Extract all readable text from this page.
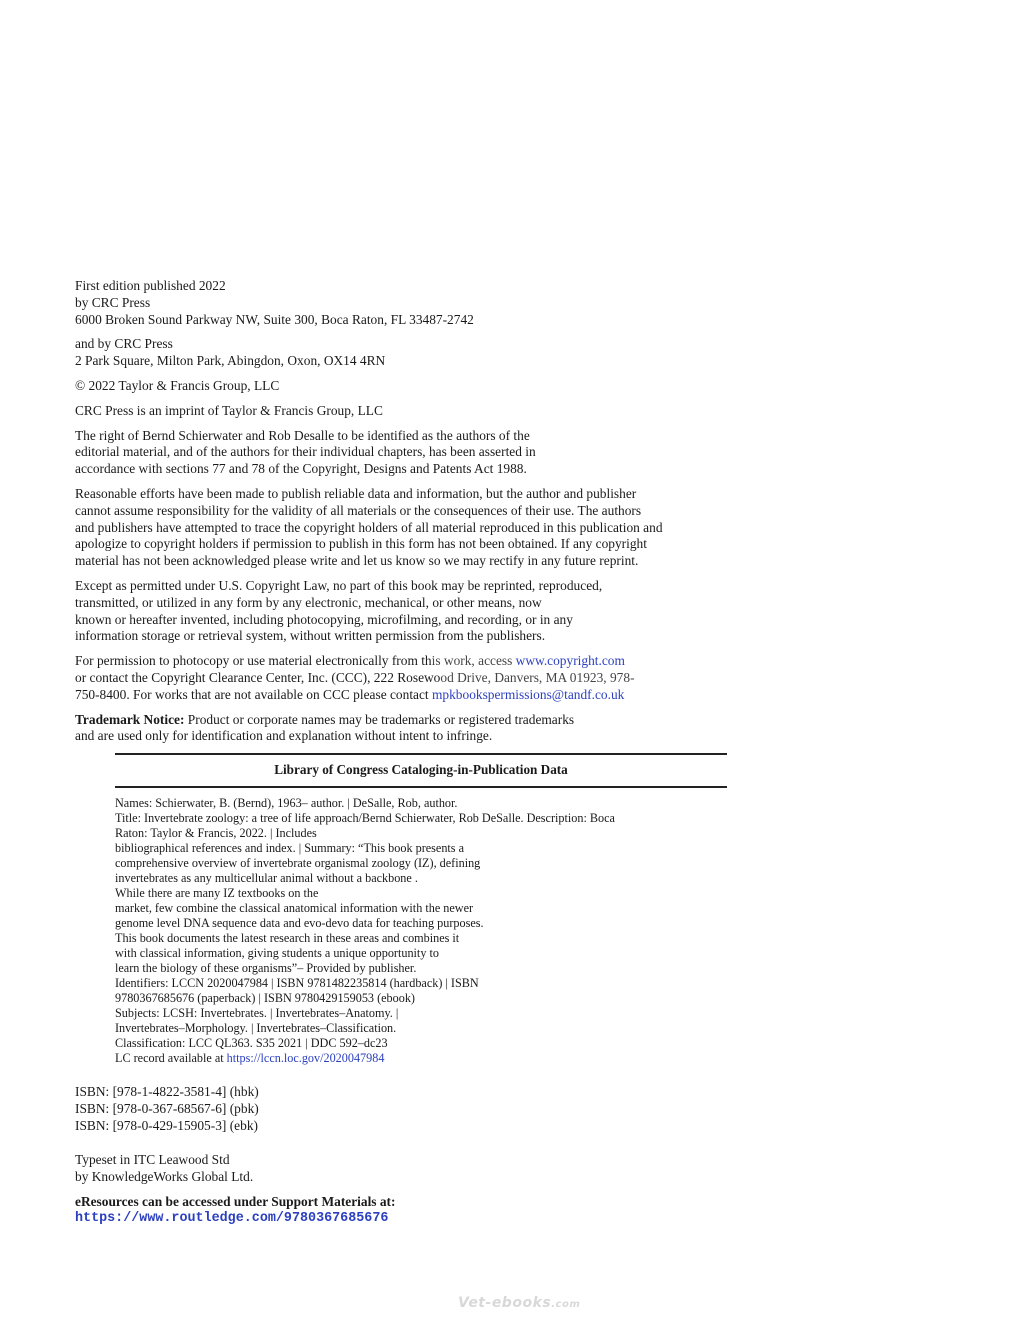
First edition published 2022
by CRC Press
6000 Broken Sound Parkway NW, Suite 300, Boca Raton, FL 33487-2742
and by CRC Press
2 Park Square, Milton Park, Abingdon, Oxon, OX14 4RN
© 2022 Taylor & Francis Group, LLC
CRC Press is an imprint of Taylor & Francis Group, LLC
The right of Bernd Schierwater and Rob Desalle to be identified as the authors of the
editorial material, and of the authors for their individual chapters, has been asserted in
accordance with sections 77 and 78 of the Copyright, Designs and Patents Act 1988.
Reasonable efforts have been made to publish reliable data and information, but the author and publisher
cannot assume responsibility for the validity of all materials or the consequences of their use. The authors
and publishers have attempted to trace the copyright holders of all material reproduced in this publication and
apologize to copyright holders if permission to publish in this form has not been obtained. If any copyright
material has not been acknowledged please write and let us know so we may rectify in any future reprint.
Except as permitted under U.S. Copyright Law, no part of this book may be reprinted, reproduced,
transmitted, or utilized in any form by any electronic, mechanical, or other means, now
known or hereafter invented, including photocopying, microfilming, and recording, or in any
information storage or retrieval system, without written permission from the publishers.
For permission to photocopy or use material electronically from this work, access www.copyright.com
or contact the Copyright Clearance Center, Inc. (CCC), 222 Rosewood Drive, Danvers, MA 01923, 978-
750-8400. For works that are not available on CCC please contact mpkbookspermissions@tandf.co.uk
Trademark Notice: Product or corporate names may be trademarks or registered trademarks
and are used only for identification and explanation without intent to infringe.
Library of Congress Cataloging-in-Publication Data
Names: Schierwater, B. (Bernd), 1963– author. | DeSalle, Rob, author.
Title: Invertebrate zoology: a tree of life approach/Bernd Schierwater, Rob DeSalle. Description: Boca
Raton: Taylor & Francis, 2022. | Includes
bibliographical references and index. | Summary: “This book presents a
comprehensive overview of invertebrate organismal zoology (IZ), defining
invertebrates as any multicellular animal without a backbone .
While there are many IZ textbooks on the
market, few combine the classical anatomical information with the newer
genome level DNA sequence data and evo-devo data for teaching purposes.
This book documents the latest research in these areas and combines it
with classical information, giving students a unique opportunity to
learn the biology of these organisms”– Provided by publisher.
Identifiers: LCCN 2020047984 | ISBN 9781482235814 (hardback) | ISBN
9780367685676 (paperback) | ISBN 9780429159053 (ebook)
Subjects: LCSH: Invertebrates. | Invertebrates–Anatomy. |
Invertebrates–Morphology. | Invertebrates–Classification.
Classification: LCC QL363. S35 2021 | DDC 592–dc23
LC record available at https://lccn.loc.gov/2020047984
ISBN: [978-1-4822-3581-4] (hbk)
ISBN: [978-0-367-68567-6] (pbk)
ISBN: [978-0-429-15905-3] (ebk)
Typeset in ITC Leawood Std
by KnowledgeWorks Global Ltd.
eResources can be accessed under Support Materials at:
https://www.routledge.com/9780367685676
Vet-ebooks.com
